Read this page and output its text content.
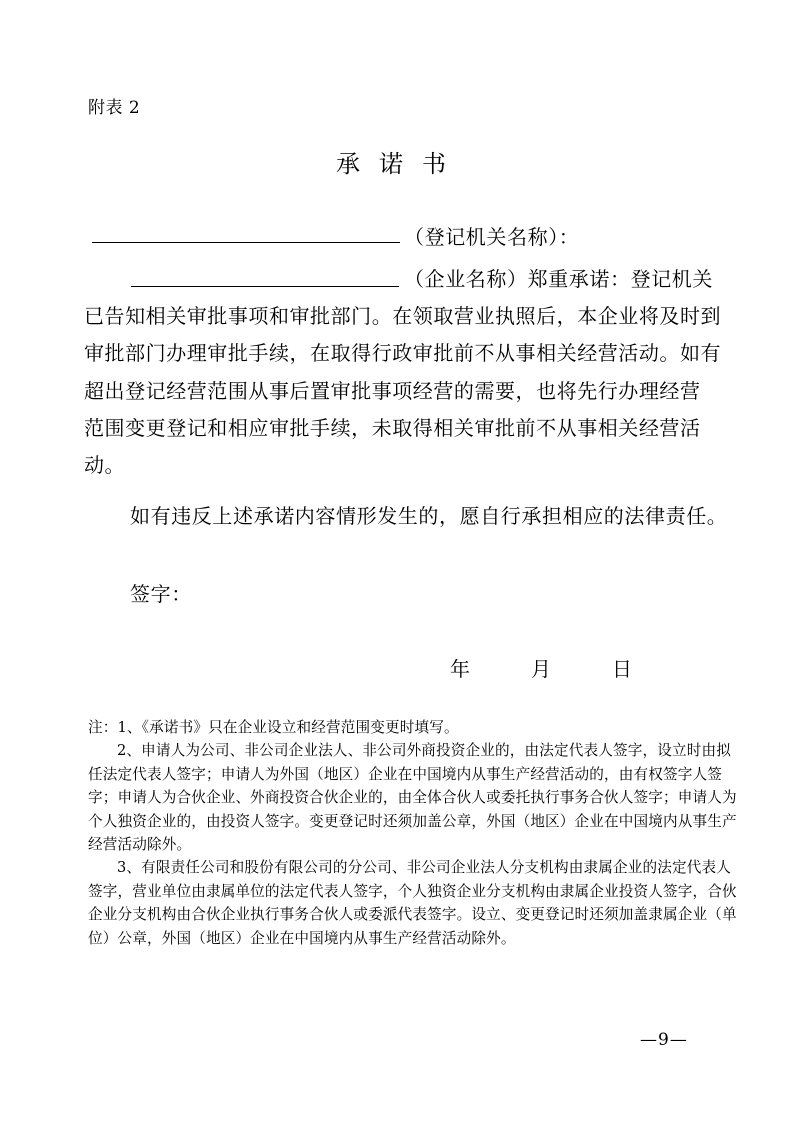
附表 2
承诺书
（登记机关名称）：
（企业名称）郑重承诺：登记机关
已告知相关审批事项和审批部门。在领取营业执照后，本企业将及时到
审批部门办理审批手续，在取得行政审批前不从事相关经营活动。如有
超出登记经营范围从事后置审批事项经营的需要，也将先行办理经营
范围变更登记和相应审批手续，未取得相关审批前不从事相关经营活
动。
如有违反上述承诺内容情形发生的，愿自行承担相应的法律责任。
签字：
年	月	日
注：1、《承诺书》只在企业设立和经营范围变更时填写。
2、申请人为公司、非公司企业法人、非公司外商投资企业的，由法定代表人签字，设立时由拟
任法定代表人签字；申请人为外国（地区）企业在中国境内从事生产经营活动的，由有权签字人签
字；申请人为合伙企业、外商投资合伙企业的，由全体合伙人或委托执行事务合伙人签字；申请人为
个人独资企业的，由投资人签字。变更登记时还须加盖公章，外国（地区）企业在中国境内从事生产
经营活动除外。
3、有限责任公司和股份有限公司的分公司、非公司企业法人分支机构由隶属企业的法定代表人
签字，营业单位由隶属单位的法定代表人签字，个人独资企业分支机构由隶属企业投资人签字，合伙
企业分支机构由合伙企业执行事务合伙人或委派代表签字。设立、变更登记时还须加盖隶属企业（单
位）公章，外国（地区）企业在中国境内从事生产经营活动除外。
—9—
